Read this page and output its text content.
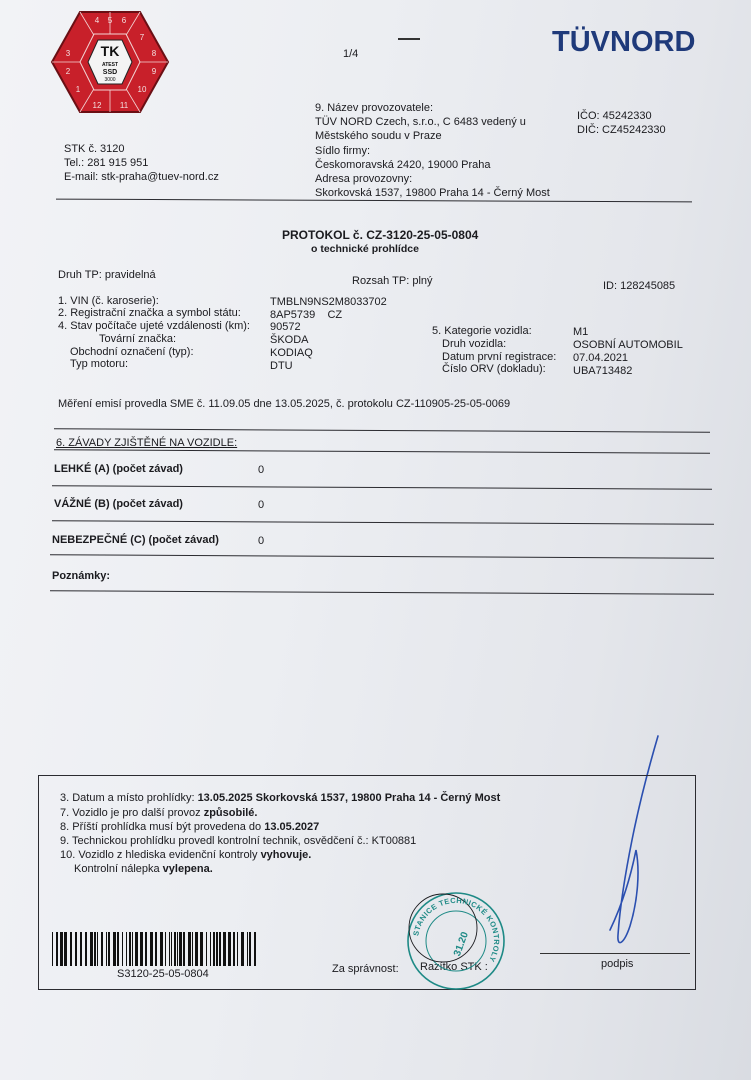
TK
ATEST
SSD
3000
4 5 6
7
8
9
10
11
12
1
2
3	1/4	TÜVNORD
STK č. 3120
Tel.: 281 915 951
E-mail: stk-praha@tuev-nord.cz
9. Název provozovatele:
TÜV NORD Czech, s.r.o., C 6483 vedený u
Městského soudu v Praze
Sídlo firmy:
Českomoravská 2420, 19000 Praha
Adresa provozovny:
Skorkovská 1537, 19800 Praha 14 - Černý Most
IČO: 45242330
DIČ: CZ45242330
PROTOKOL č. CZ-3120-25-05-0804
o technické prohlídce
Druh TP: pravidelná	Rozsah TP: plný	ID: 128245085
1. VIN (č. karoserie):	TMBLN9NS2M8033702
2. Registrační značka a symbol státu:	8AP5739    CZ
4. Stav počítače ujeté vzdálenosti (km): 90572
Tovární značka:	ŠKODA
Obchodní označení (typ):	KODIAQ
Typ motoru:	DTU
5. Kategorie vozidla:	M1
Druh vozidla:	OSOBNÍ AUTOMOBIL
Datum první registrace: 07.04.2021
Číslo ORV (dokladu): UBA713482
Měření emisí provedla SME č. 11.09.05 dne 13.05.2025, č. protokolu CZ-110905-25-05-0069
6. ZÁVADY ZJIŠTĚNÉ NA VOZIDLE:
LEHKÉ (A) (počet závad)	0
VÁŽNÉ (B) (počet závad)	0
NEBEZPEČNÉ (C) (počet závad)	0
Poznámky:
3. Datum a místo prohlídky: 13.05.2025 Skorkovská 1537, 19800 Praha 14 - Černý Most
7. Vozidlo je pro další provoz způsobilé.
8. Příští prohlídka musí být provedena do 13.05.2027
9. Technickou prohlídku provedl kontrolní technik, osvědčení č.: KT00881
10. Vozidlo z hlediska evidenční kontroly vyhovuje.
Kontrolní nálepka vylepena.
S3120-25-05-0804	Za správnost: Razítko STK :
STANICE TECHNICKÉ KONTROLY
31.20
podpis
